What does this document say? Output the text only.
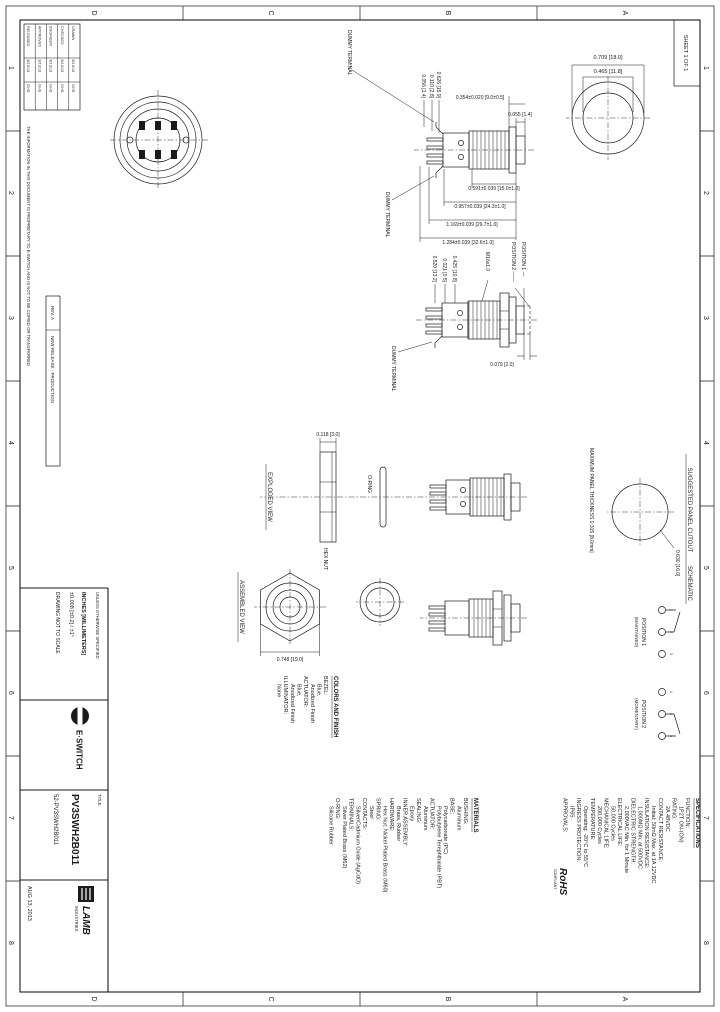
1
2
3
4
5
6
7
8
1
2
3
4
5
6
7
8
A
B
C
D
A
B
C
D
SHEET 1 OF 1
0.709 [18.0]
0.465 [11.8]
0.055 [1.4]
0.354±0.020 [9.0±0.5]
0.591±0.039 [15.0±1.0]
0.957±0.039 [24.3±1.0]
1.169±0.039 [29.7±1.0]
1.284±0.039 [32.6±1.0]
0.626 [15.9]
0.110 [2.8]
0.056 [1.4]
DUMMY TERMINAL
DUMMY TERMINAL
POSITION 1 —
POSITION 2 ——
M16x1.0
0.079 [2.0]
0.425 [10.8]
0.021 [0.5]
0.520 [13.2]
DUMMY TERMINAL
O-RING
HEX NUT
0.118 [3.0]
EXPLODED VIEW
0.748 [19.0]
ASSEMBLED VIEW
SUGGESTED PANEL CUTOUT
0.630 [16.0]
MAXIMUM PANEL THICKNESS 0.315 [8.0mm]
SCHEMATIC
1
2
3
POSITION 1
(MAINTAINED)
1
2
3
POSITION 2
(MOMENTARY)
SPECIFICATIONS
FUNCTION:
1P2T ON-(ON)
RATING:
2A 48VDC
CONTACT RESISTANCE:
Initial: 50mΩ Max. at 1A 12VDC
INSULATION RESISTANCE:
1,000MΩ Min. at 500VDC
DIELECTRIC STRENGTH:
2,000VAC Min. for 1 Minute
ELECTRICAL LIFE:
50,000 Cycles
MECHANICAL LIFE:
200,000 Cycles
TEMPERATURE:
Operating: -20°C to 55°C
INGRESS PROTECTION:
IP65
APPROVALS:
RoHS
COMPLIANT
MATERIALS
BUSHING:
Aluminum
BASE:
Polycarbonate (PC)
Polybutylene Terephthalate (PBT)
ACTUATOR:
Aluminum
SEALING:
Epoxy
INNER ASSEMBLY:
Brass, Rubber
HARDWARE:
Hex Nut: Nickel Plated Brass (M60)
SPRING:
Steel
CONTACTS:
Silver/Cadmium Oxide (AgCdO)
TERMINALS:
Silver Plated Brass (M62)
O-RING:
Silicone Rubber
COLORS AND FINISH
BEZEL:
Blue,
Anodized Finish
ACTUATOR:
Blue,
Anodized Finish
ILLUMINATOR:
None
DRAWN
8/13/13
GHS
CHECKED
8/13/13
GHS
ENGINEER
8/13/13
GHS
APPROVED
8/13/13
GHS
RELEASED
8/13/13
GHS
REV. A
NEW RELEASE - PRODUCTION
THE INFORMATION IN THIS DOCUMENT IS PROPRIETARY TO E-SWITCH AND IS NOT TO BE COPIED OR TRANSFERRED
UNLESS OTHERWISE SPECIFIED
INCHES [MILLIMETERS]
±0.008 [±0.2] / ±1°
DRAWING NOT TO SCALE
E·SWITCH
TITLE:
PV3SWH2B011
52-PV3SWH2B011
LAMB
INDUSTRIES
AUG 13, 2013
